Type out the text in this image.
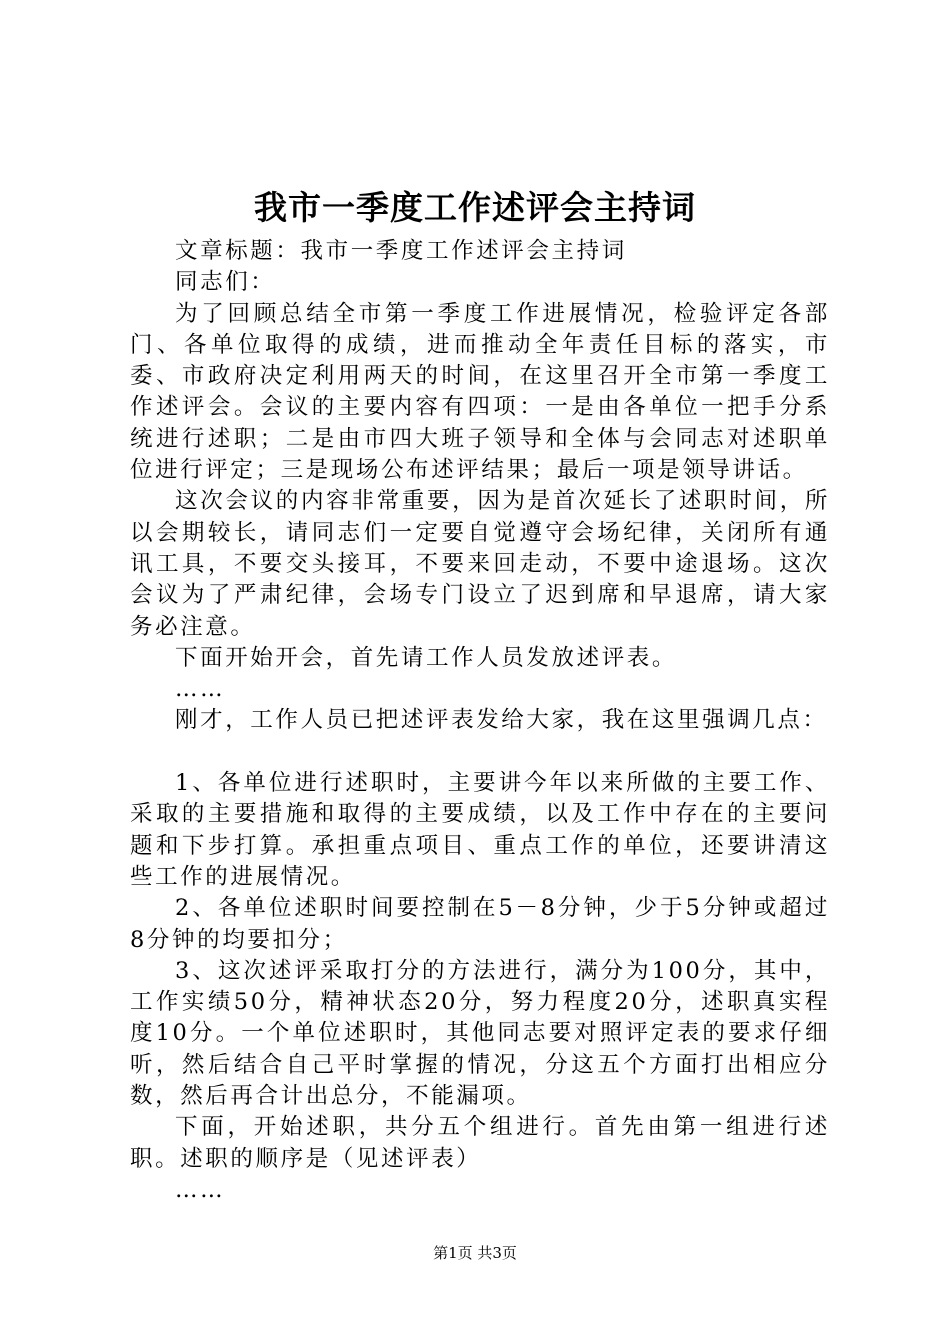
我市一季度工作述评会主持词

文章标题：我市一季度工作述评会主持词

同志们：

为了回顾总结全市第一季度工作进展情况，检验评定各部门、各单位取得的成绩，进而推动全年责任目标的落实，市委、市政府决定利用两天的时间，在这里召开全市第一季度工作述评会。会议的主要内容有四项：一是由各单位一把手分系统进行述职；二是由市四大班子领导和全体与会同志对述职单位进行评定；三是现场公布述评结果；最后一项是领导讲话。

这次会议的内容非常重要，因为是首次延长了述职时间，所以会期较长，请同志们一定要自觉遵守会场纪律，关闭所有通讯工具，不要交头接耳，不要来回走动，不要中途退场。这次会议为了严肃纪律，会场专门设立了迟到席和早退席，请大家务必注意。

下面开始开会，首先请工作人员发放述评表。

……

刚才，工作人员已把述评表发给大家，我在这里强调几点：

1、各单位进行述职时，主要讲今年以来所做的主要工作、采取的主要措施和取得的主要成绩，以及工作中存在的主要问题和下步打算。承担重点项目、重点工作的单位，还要讲清这些工作的进展情况。

2、各单位述职时间要控制在5－8分钟，少于5分钟或超过8分钟的均要扣分；

3、这次述评采取打分的方法进行，满分为100分，其中，工作实绩50分，精神状态20分，努力程度20分，述职真实程度10分。一个单位述职时，其他同志要对照评定表的要求仔细听，然后结合自己平时掌握的情况，分这五个方面打出相应分数，然后再合计出总分，不能漏项。

下面，开始述职，共分五个组进行。首先由第一组进行述职。述职的顺序是（见述评表）

……

第1页 共3页
